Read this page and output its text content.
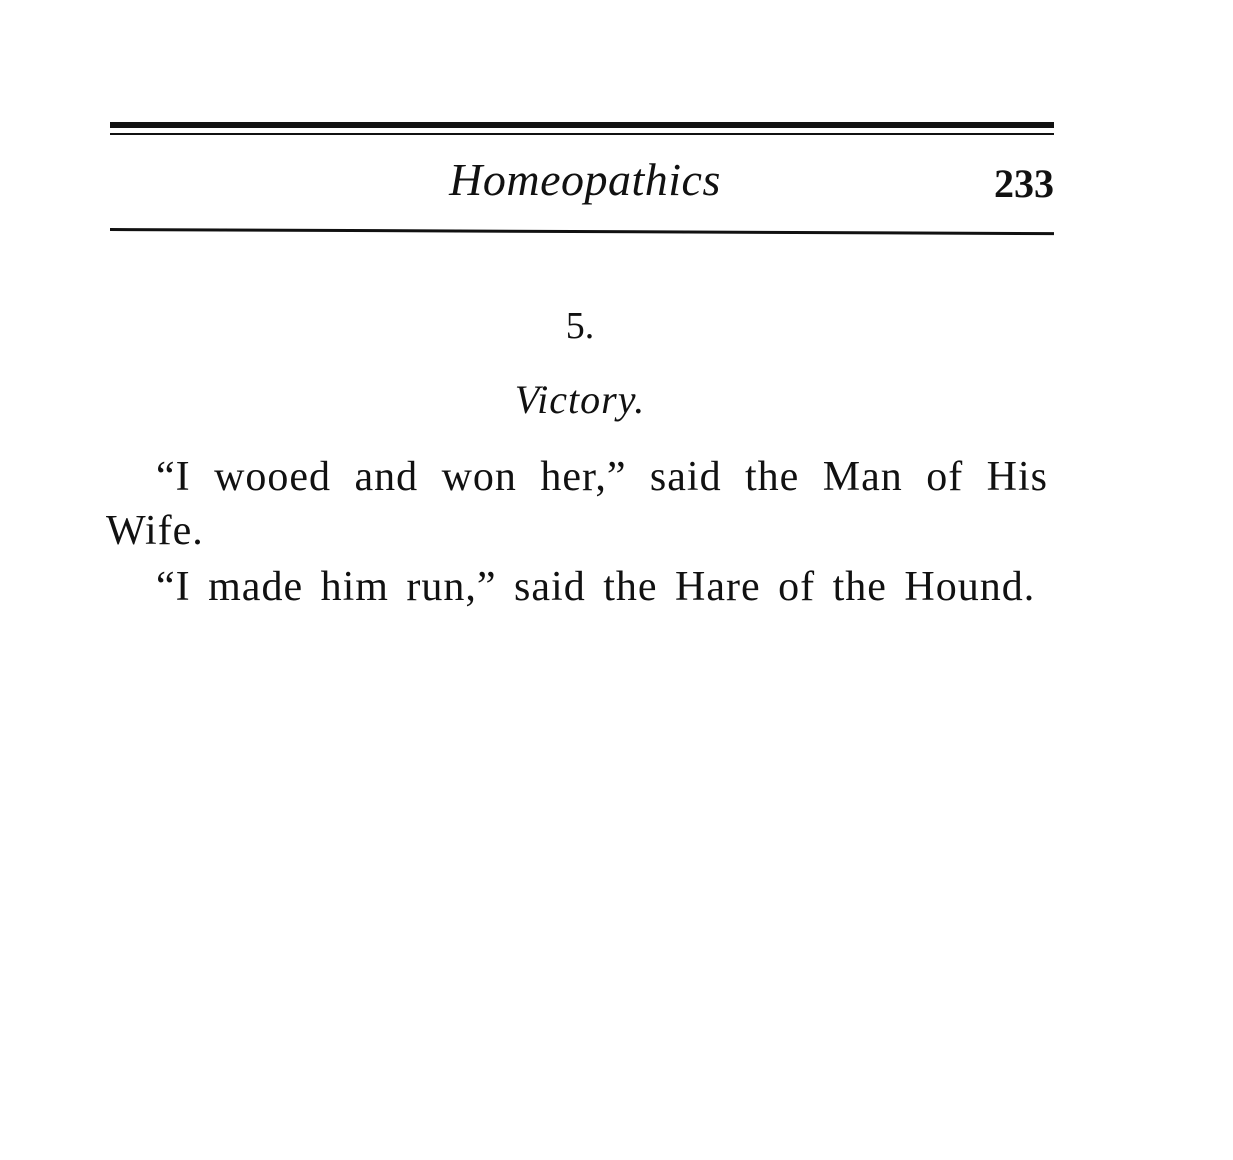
Homeopathics	233
5.
Victory.

“I wooed and won her,” said the Man of His Wife.

“I made him run,” said the Hare of the Hound.
